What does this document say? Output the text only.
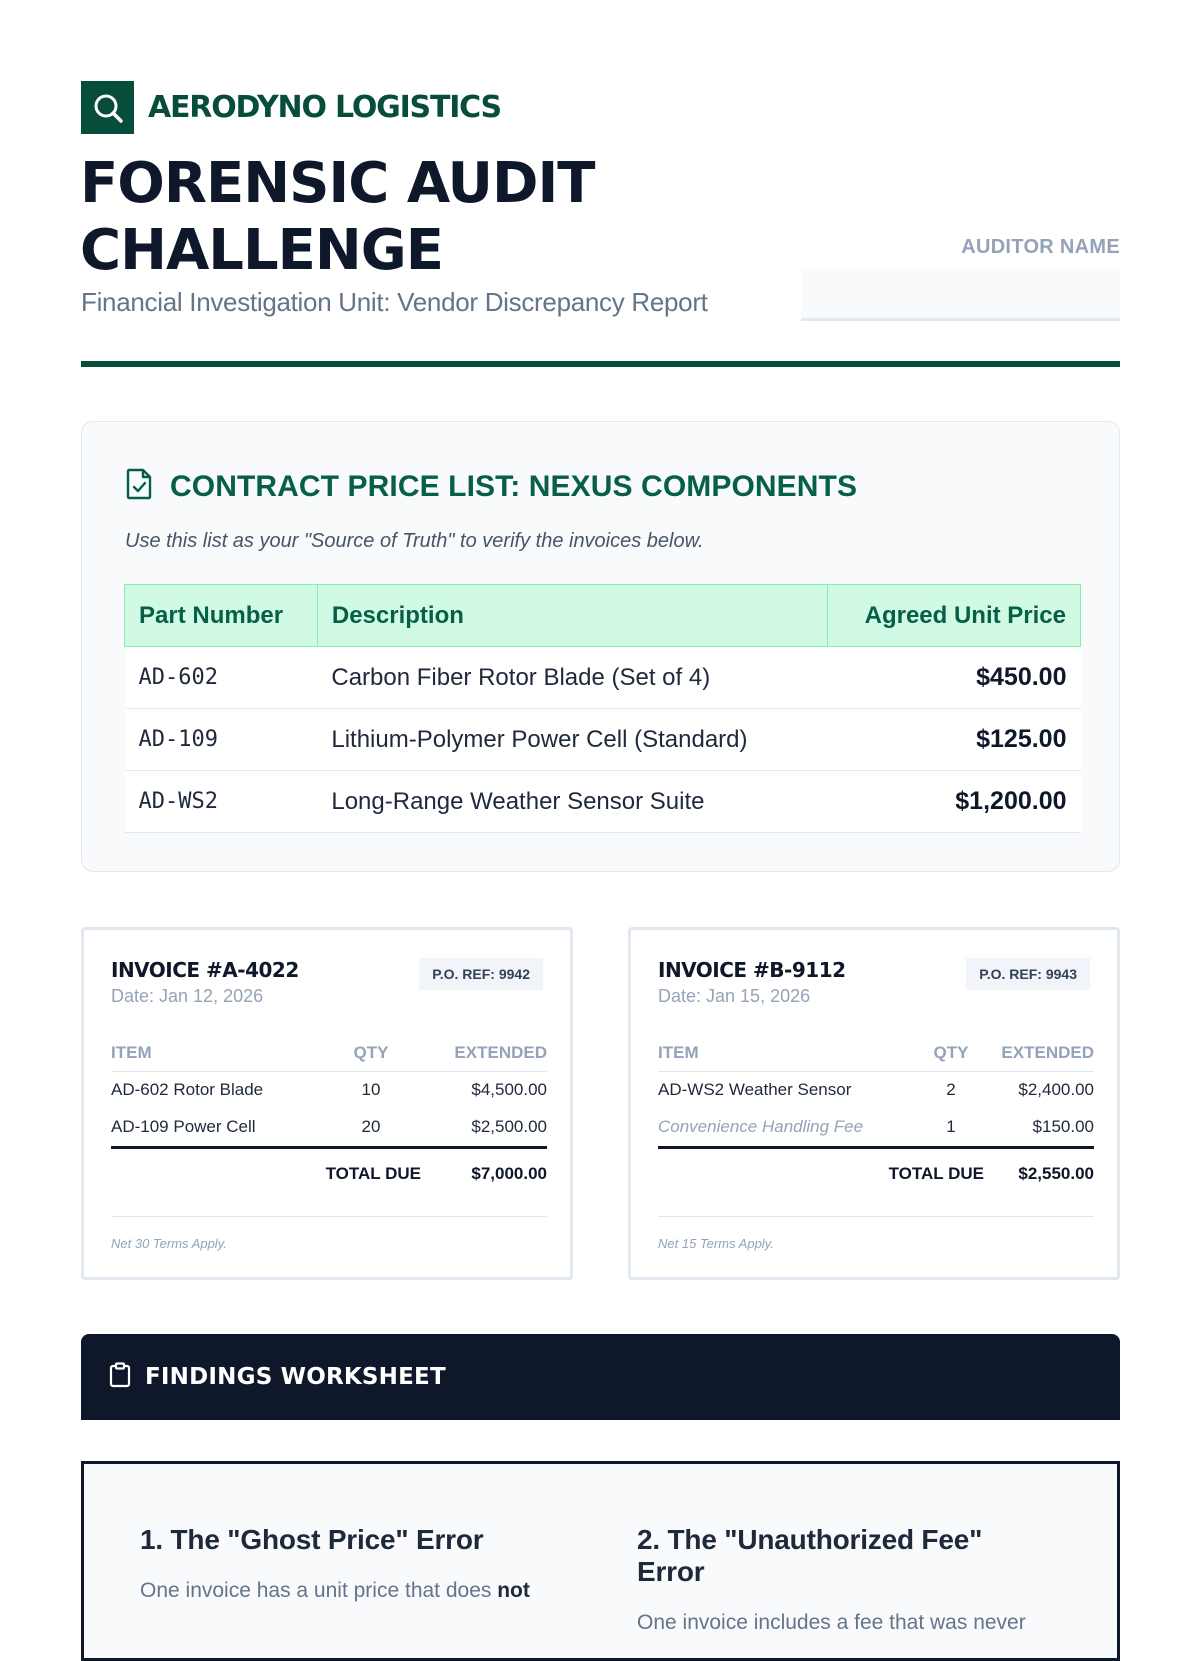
AERODYNO LOGISTICS
FORENSIC AUDIT CHALLENGE
Financial Investigation Unit: Vendor Discrepancy Report
AUDITOR NAME
CONTRACT PRICE LIST: NEXUS COMPONENTS
Use this list as your "Source of Truth" to verify the invoices below.
Part Number	Description	Agreed Unit Price
AD-602	Carbon Fiber Rotor Blade (Set of 4)	$450.00
AD-109	Lithium-Polymer Power Cell (Standard)	$125.00
AD-WS2	Long-Range Weather Sensor Suite	$1,200.00
INVOICE #A-4022
Date: Jan 12, 2026
P.O. REF: 9942
ITEM	QTY	EXTENDED
AD-602 Rotor Blade	10	$4,500.00
AD-109 Power Cell	20	$2,500.00
TOTAL DUE		$7,000.00
Net 30 Terms Apply.
INVOICE #B-9112
Date: Jan 15, 2026
P.O. REF: 9943
ITEM	QTY	EXTENDED
AD-WS2 Weather Sensor	2	$2,400.00
Convenience Handling Fee	1	$150.00
TOTAL DUE		$2,550.00
Net 15 Terms Apply.
FINDINGS WORKSHEET
1. The "Ghost Price" Error

One invoice has a unit price that does not

2. The "Unauthorized Fee" Error

One invoice includes a fee that was never
